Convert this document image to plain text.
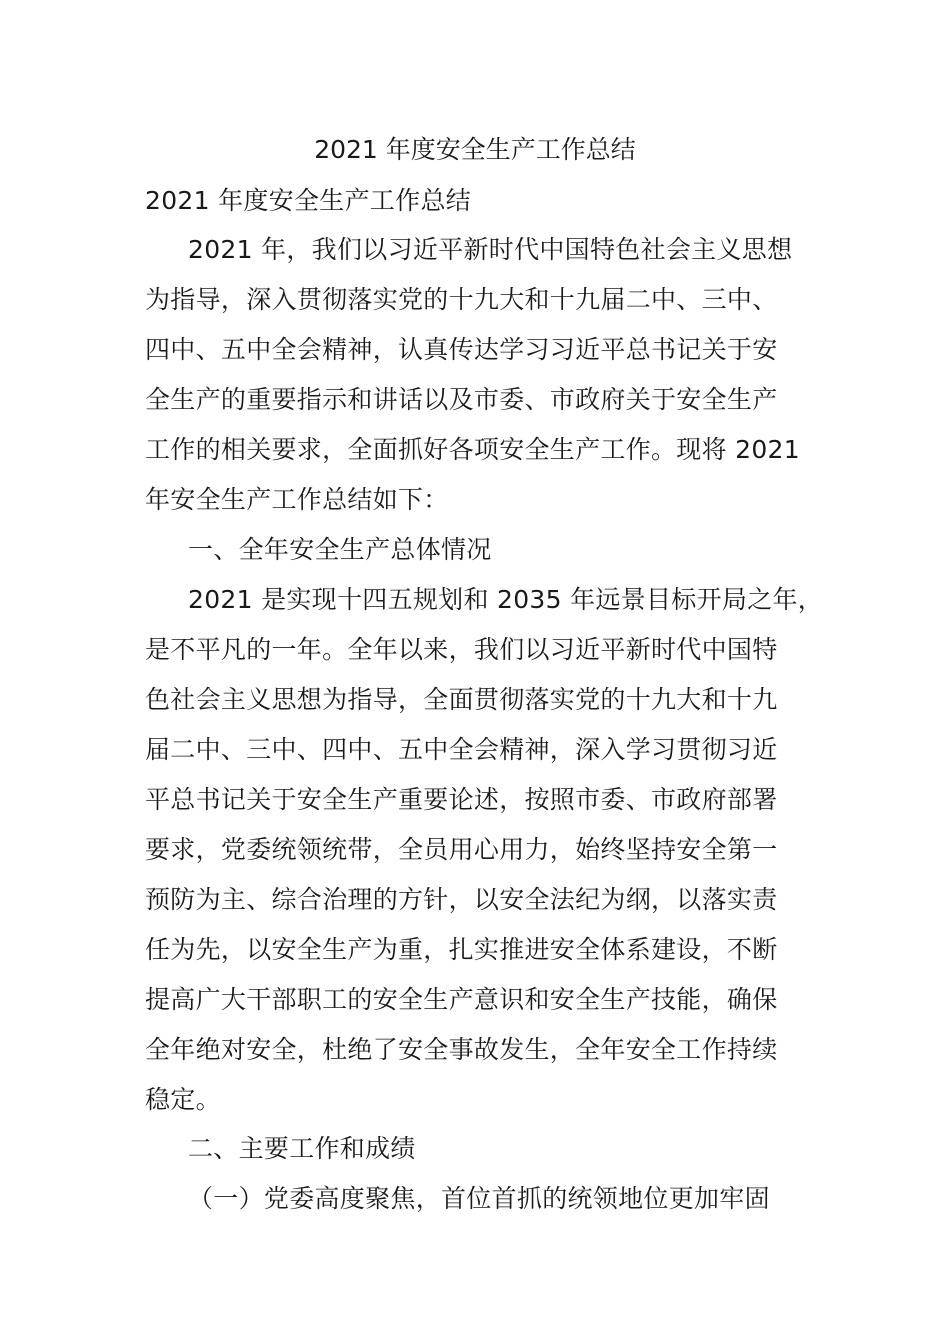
2021 年度安全生产工作总结
2021 年度安全生产工作总结
2021 年，我们以习近平新时代中国特色社会主义思想
为指导，深入贯彻落实党的十九大和十九届二中、三中、
四中、五中全会精神，认真传达学习习近平总书记关于安
全生产的重要指示和讲话以及市委、市政府关于安全生产
工作的相关要求，全面抓好各项安全生产工作。现将 2021
年安全生产工作总结如下：
一、全年安全生产总体情况
2021 是实现十四五规划和 2035 年远景目标开局之年，
是不平凡的一年。全年以来，我们以习近平新时代中国特
色社会主义思想为指导，全面贯彻落实党的十九大和十九
届二中、三中、四中、五中全会精神，深入学习贯彻习近
平总书记关于安全生产重要论述，按照市委、市政府部署
要求，党委统领统带，全员用心用力，始终坚持安全第一
预防为主、综合治理的方针，以安全法纪为纲，以落实责
任为先，以安全生产为重，扎实推进安全体系建设，不断
提高广大干部职工的安全生产意识和安全生产技能，确保
全年绝对安全，杜绝了安全事故发生，全年安全工作持续
稳定。
二、主要工作和成绩
（一）党委高度聚焦，首位首抓的统领地位更加牢固
